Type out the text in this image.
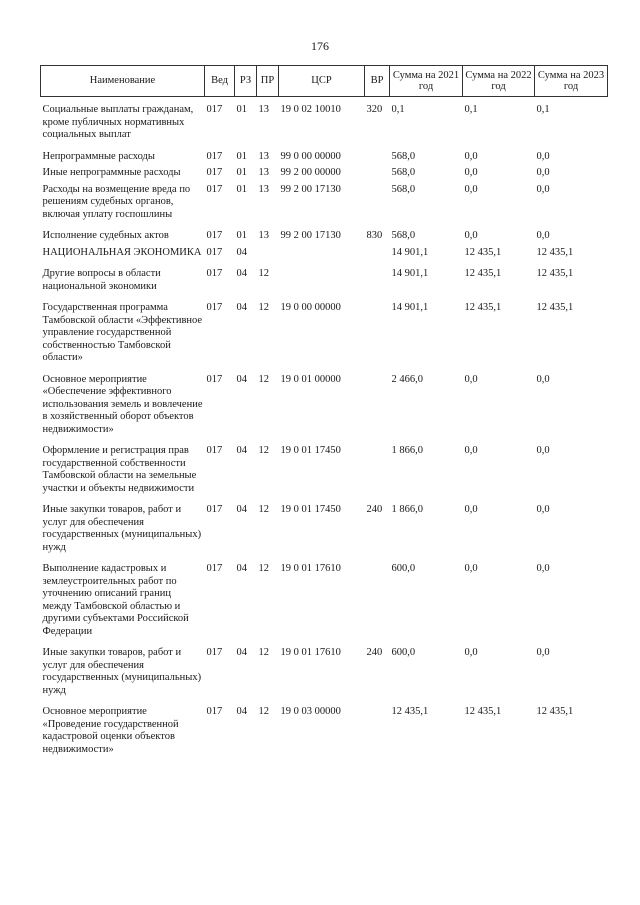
176
Наименование	Вед	РЗ	ПР	ЦСР	ВР	Сумма на 2021 год	Сумма на 2022 год	Сумма на 2023 год
Социальные выплаты гражданам, кроме публичных нормативных социальных выплат	017	01	13	19 0 02 10010	320	0,1	0,1	0,1
Непрограммные расходы	017	01	13	99 0 00 00000		568,0	0,0	0,0
Иные непрограммные расходы	017	01	13	99 2 00 00000		568,0	0,0	0,0
Расходы на возмещение вреда по решениям судебных органов, включая уплату госпошлины	017	01	13	99 2 00 17130		568,0	0,0	0,0
Исполнение судебных актов	017	01	13	99 2 00 17130	830	568,0	0,0	0,0
НАЦИОНАЛЬНАЯ ЭКОНОМИКА	017	04				14 901,1	12 435,1	12 435,1
Другие вопросы в области национальной экономики	017	04	12			14 901,1	12 435,1	12 435,1
Государственная программа Тамбовской области «Эффективное управление государственной собственностью Тамбовской области»	017	04	12	19 0 00 00000		14 901,1	12 435,1	12 435,1
Основное мероприятие «Обеспечение эффективного использования земель и вовлечение в хозяйственный оборот объектов недвижимости»	017	04	12	19 0 01 00000		2 466,0	0,0	0,0
Оформление и регистрация прав государственной собственности Тамбовской области на земельные участки и объекты недвижимости	017	04	12	19 0 01 17450		1 866,0	0,0	0,0
Иные закупки товаров, работ и услуг для обеспечения государственных (муниципальных) нужд	017	04	12	19 0 01 17450	240	1 866,0	0,0	0,0
Выполнение кадастровых и землеустроительных работ по уточнению описаний границ между Тамбовской областью и другими субъектами Российской Федерации	017	04	12	19 0 01 17610		600,0	0,0	0,0
Иные закупки товаров, работ и услуг для обеспечения государственных (муниципальных) нужд	017	04	12	19 0 01 17610	240	600,0	0,0	0,0
Основное мероприятие «Проведение государственной кадастровой оценки объектов недвижимости»	017	04	12	19 0 03 00000		12 435,1	12 435,1	12 435,1
